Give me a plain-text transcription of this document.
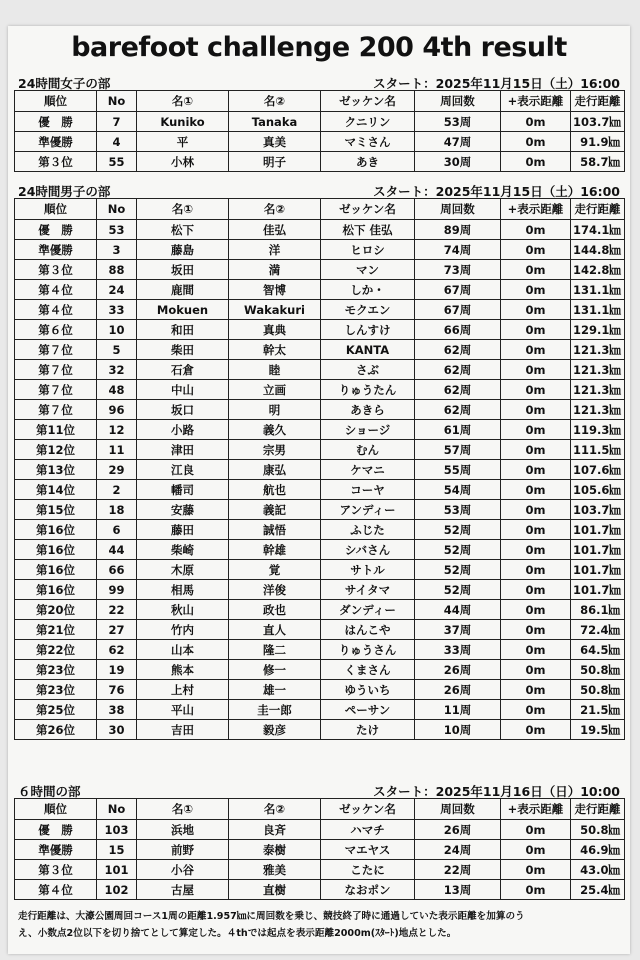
barefoot challenge 200 4th result
24時間女子の部	スタート：2025年11月15日（土）16:00
順位	No	名①	名②	ゼッケン名	周回数	+表示距離	走行距離
優　勝	7	Kuniko	Tanaka	クニリン	53周	0m	103.7㎞
準優勝	4	平	真美	マミさん	47周	0m	91.9㎞
第３位	55	小林	明子	あき	30周	0m	58.7㎞
24時間男子の部	スタート：2025年11月15日（土）16:00
順位	No	名①	名②	ゼッケン名	周回数	+表示距離	走行距離
優　勝	53	松下	佳弘	松下 佳弘	89周	0m	174.1㎞
準優勝	3	藤島	洋	ヒロシ	74周	0m	144.8㎞
第３位	88	坂田	満	マン	73周	0m	142.8㎞
第４位	24	鹿間	智博	しか・	67周	0m	131.1㎞
第４位	33	Mokuen	Wakakuri	モクエン	67周	0m	131.1㎞
第６位	10	和田	真典	しんすけ	66周	0m	129.1㎞
第７位	5	柴田	幹太	KANTA	62周	0m	121.3㎞
第７位	32	石倉	睦	さぶ	62周	0m	121.3㎞
第７位	48	中山	立画	りゅうたん	62周	0m	121.3㎞
第７位	96	坂口	明	あきら	62周	0m	121.3㎞
第11位	12	小路	義久	ショージ	61周	0m	119.3㎞
第12位	11	津田	宗男	むん	57周	0m	111.5㎞
第13位	29	江良	康弘	ケマニ	55周	0m	107.6㎞
第14位	2	幡司	航也	コーヤ	54周	0m	105.6㎞
第15位	18	安藤	義記	アンディー	53周	0m	103.7㎞
第16位	6	藤田	誠悟	ふじた	52周	0m	101.7㎞
第16位	44	柴崎	幹雄	シバさん	52周	0m	101.7㎞
第16位	66	木原	覚	サトル	52周	0m	101.7㎞
第16位	99	相馬	洋俊	サイタマ	52周	0m	101.7㎞
第20位	22	秋山	政也	ダンディー	44周	0m	86.1㎞
第21位	27	竹内	直人	はんこや	37周	0m	72.4㎞
第22位	62	山本	隆二	りゅうさん	33周	0m	64.5㎞
第23位	19	熊本	修一	くまさん	26周	0m	50.8㎞
第23位	76	上村	雄一	ゆういち	26周	0m	50.8㎞
第25位	38	平山	圭一郎	ペーサン	11周	0m	21.5㎞
第26位	30	吉田	毅彦	たけ	10周	0m	19.5㎞
６時間の部	スタート：2025年11月16日（日）10:00
順位	No	名①	名②	ゼッケン名	周回数	+表示距離	走行距離
優　勝	103	浜地	良斉	ハマチ	26周	0m	50.8㎞
準優勝	15	前野	泰樹	マエヤス	24周	0m	46.9㎞
第３位	101	小谷	雅美	こたに	22周	0m	43.0㎞
第４位	102	古屋	直樹	なおポン	13周	0m	25.4㎞
走行距離は、大濠公園周回コース1周の距離1.957㎞に周回数を乗じ、競技終了時に通過していた表示距離を加算のう
え、小数点2位以下を切り捨てとして算定した。４thでは起点を表示距離2000m(ｽﾀｰﾄ)地点とした。
